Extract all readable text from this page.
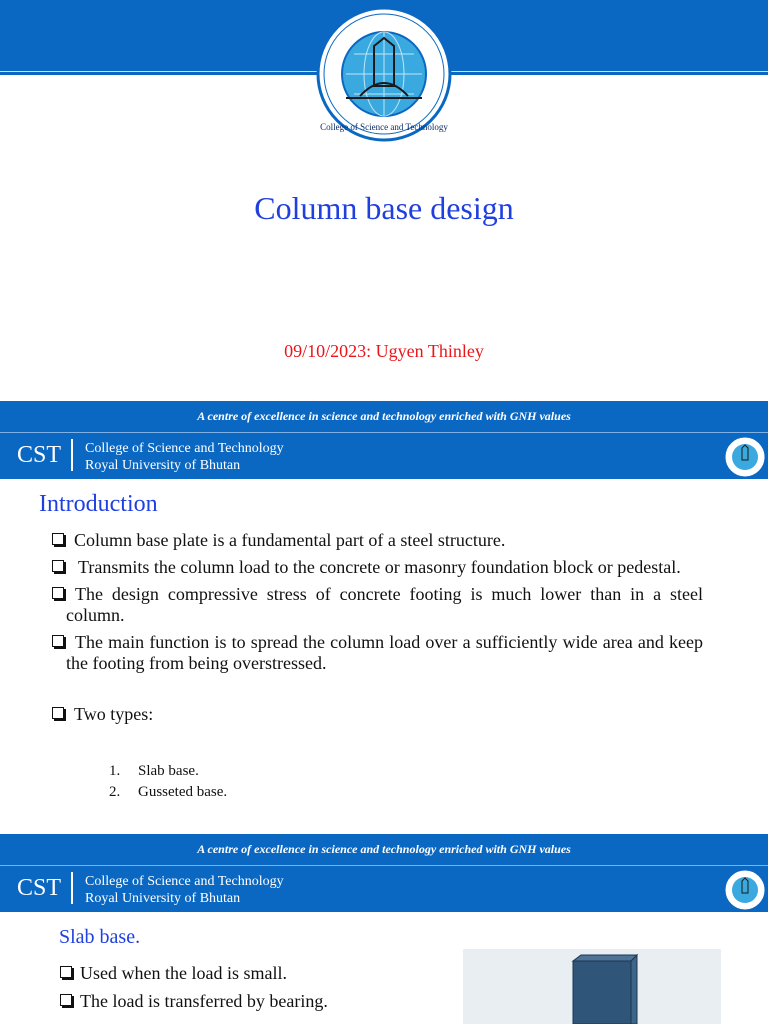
College of Science and Technology
Column base design
09/10/2023: Ugyen Thinley
A centre of excellence in science and technology enriched with GNH values
CST College of Science and Technology
Royal University of Bhutan
Introduction
Column base plate is a fundamental part of a steel structure.
Transmits the column load to the concrete or masonry foundation block or pedestal.
The design compressive stress of concrete footing is much lower than in a steel column.
The main function is to spread the column load over a sufficiently wide area and keep the footing from being overstressed.
Two types:
1. Slab base.
2. Gusseted base.
A centre of excellence in science and technology enriched with GNH values
CST College of Science and Technology
Royal University of Bhutan
Slab base.
Used when the load is small.
The load is transferred by bearing.
